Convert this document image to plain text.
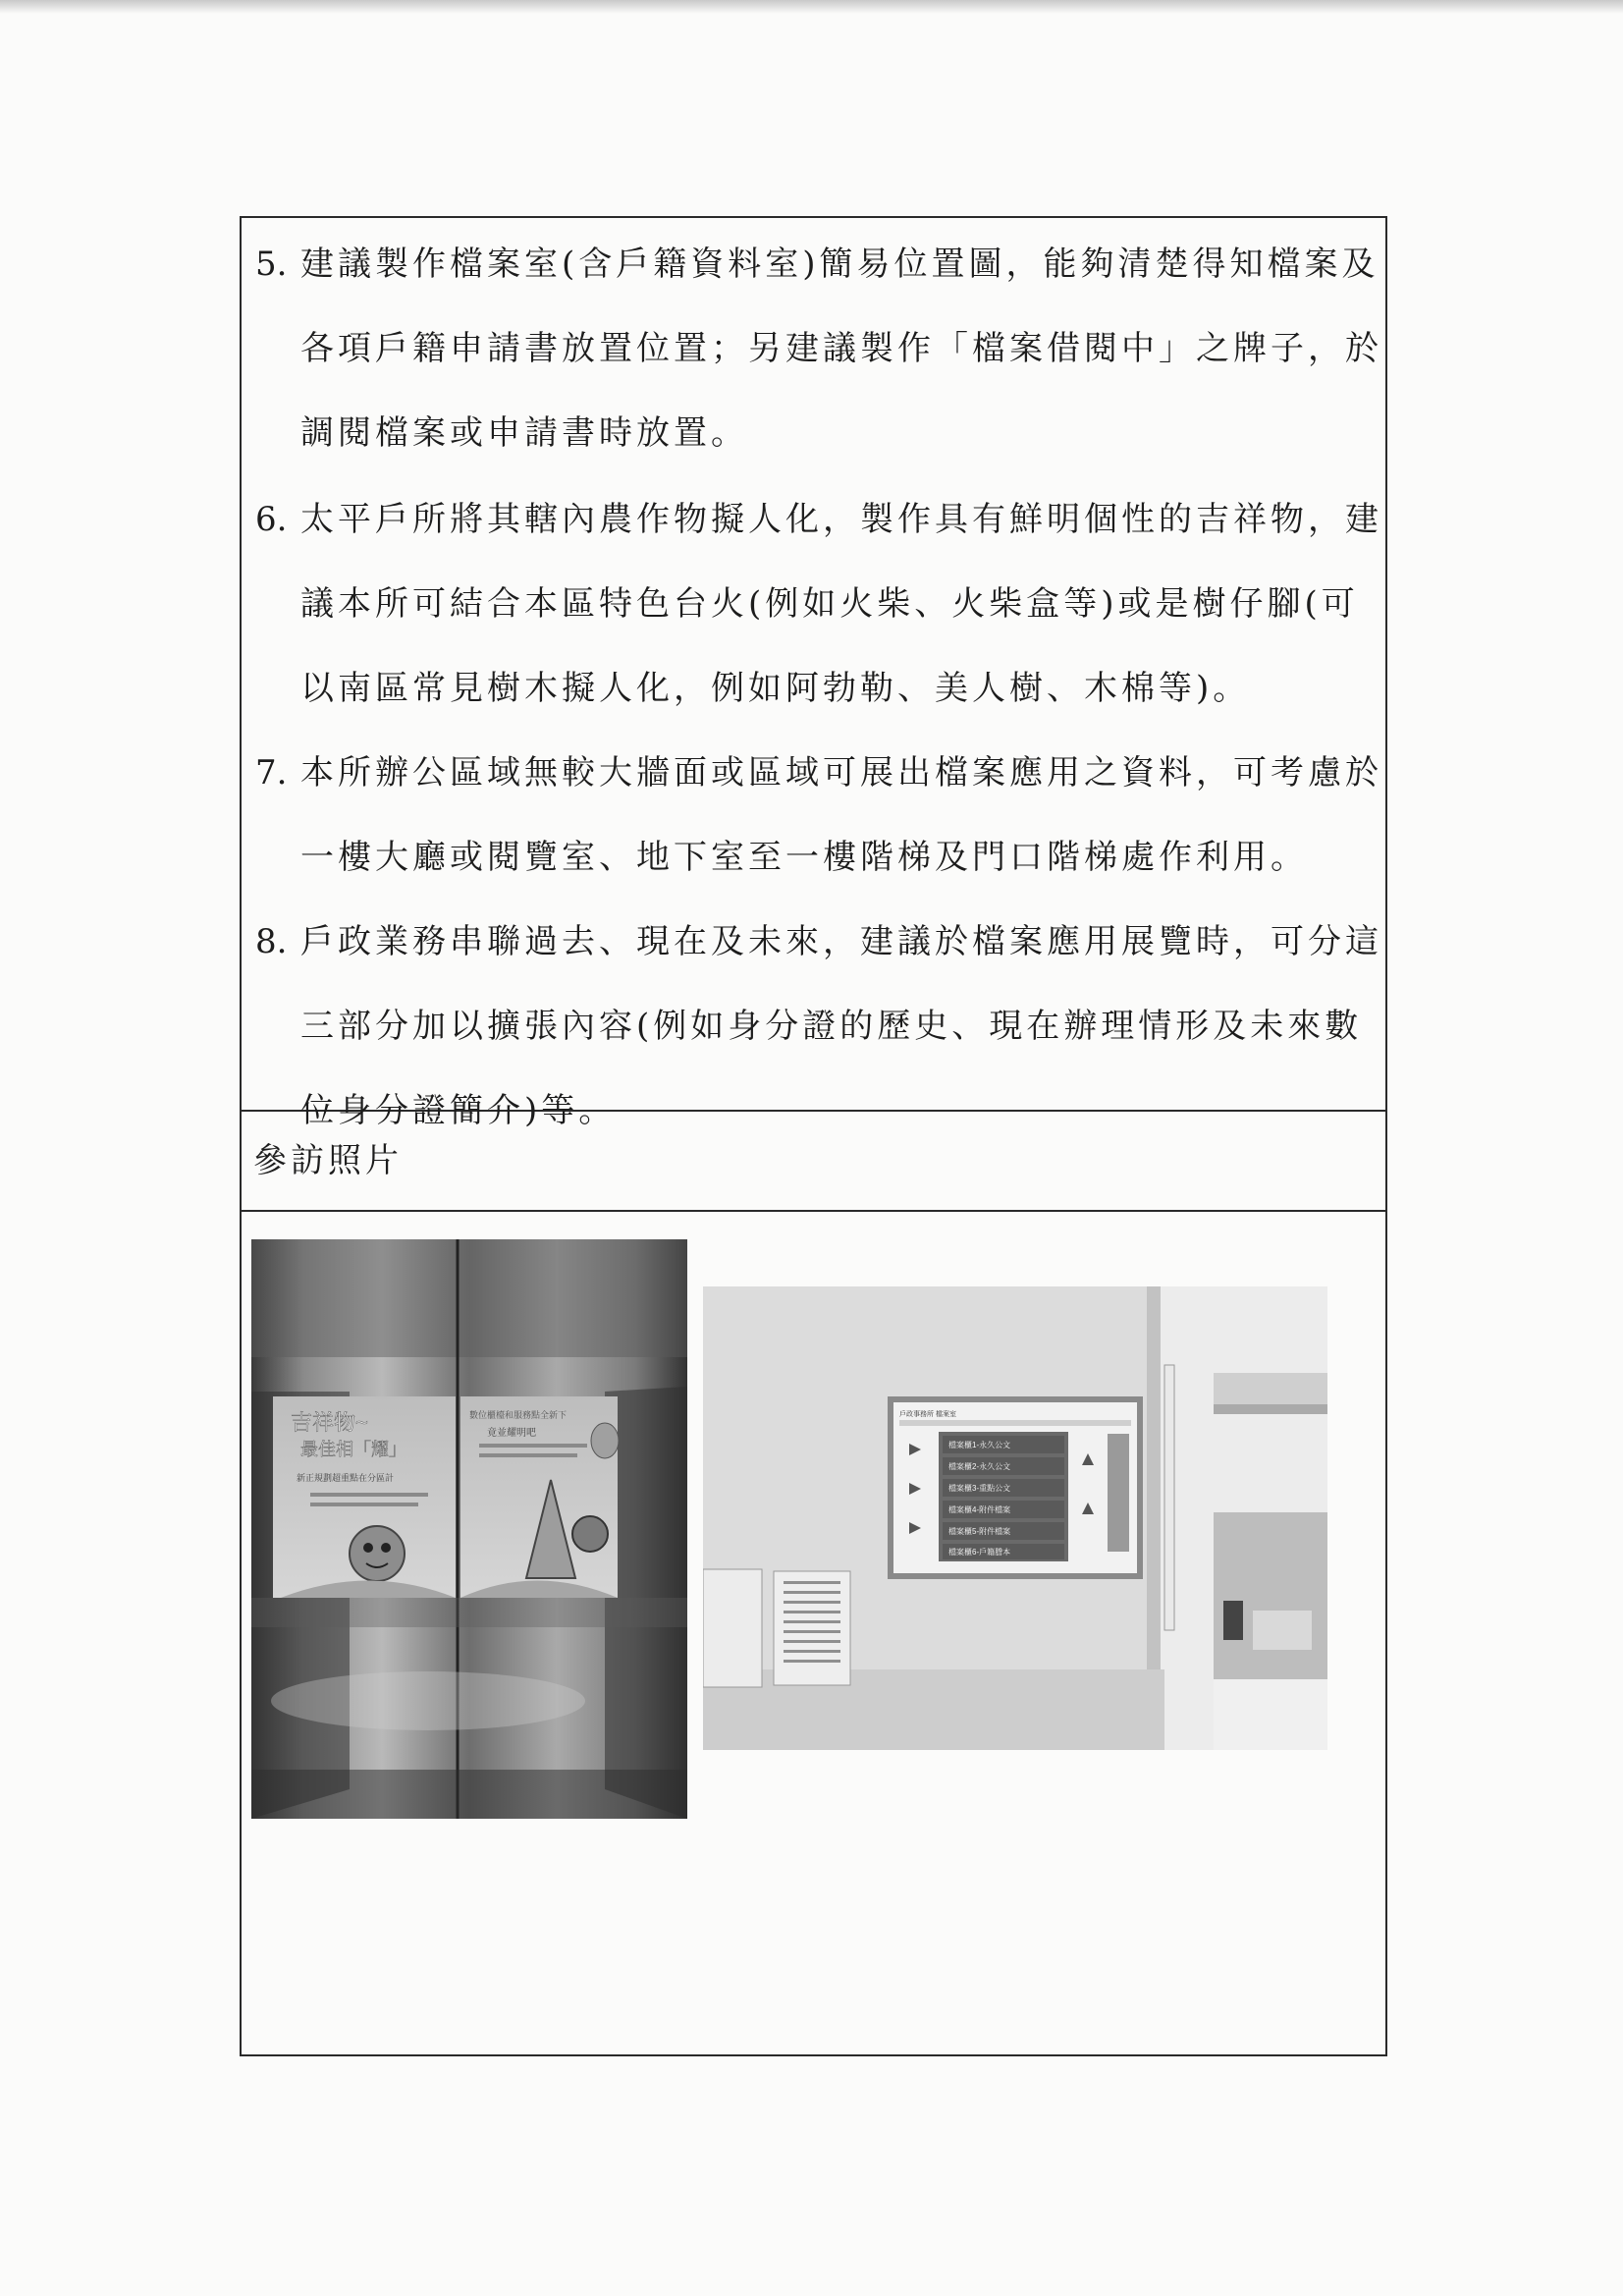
5. 建議製作檔案室(含戶籍資料室)簡易位置圖，能夠清楚得知檔案及
各項戶籍申請書放置位置；另建議製作「檔案借閱中」之牌子，於
調閱檔案或申請書時放置。
6. 太平戶所將其轄內農作物擬人化，製作具有鮮明個性的吉祥物，建
議本所可結合本區特色台火(例如火柴、火柴盒等)或是樹仔腳(可
以南區常見樹木擬人化，例如阿勃勒、美人樹、木棉等)。
7. 本所辦公區域無較大牆面或區域可展出檔案應用之資料，可考慮於
一樓大廳或閱覽室、地下室至一樓階梯及門口階梯處作利用。
8. 戶政業務串聯過去、現在及未來，建議於檔案應用展覽時，可分這
三部分加以擴張內容(例如身分證的歷史、現在辦理情形及未來數
位身分證簡介)等。
參訪照片
吉祥物~
最佳相「耀」
新正規劃超重點在分區計
數位櫃檯和服務點全新下
竟並耀明吧
戶政事務所 檔案室
檔案櫃1-永久公文
檔案櫃2-永久公文
檔案櫃3-重點公文
檔案櫃4-附件檔案
檔案櫃5-附件檔案
檔案櫃6-戶籍謄本
